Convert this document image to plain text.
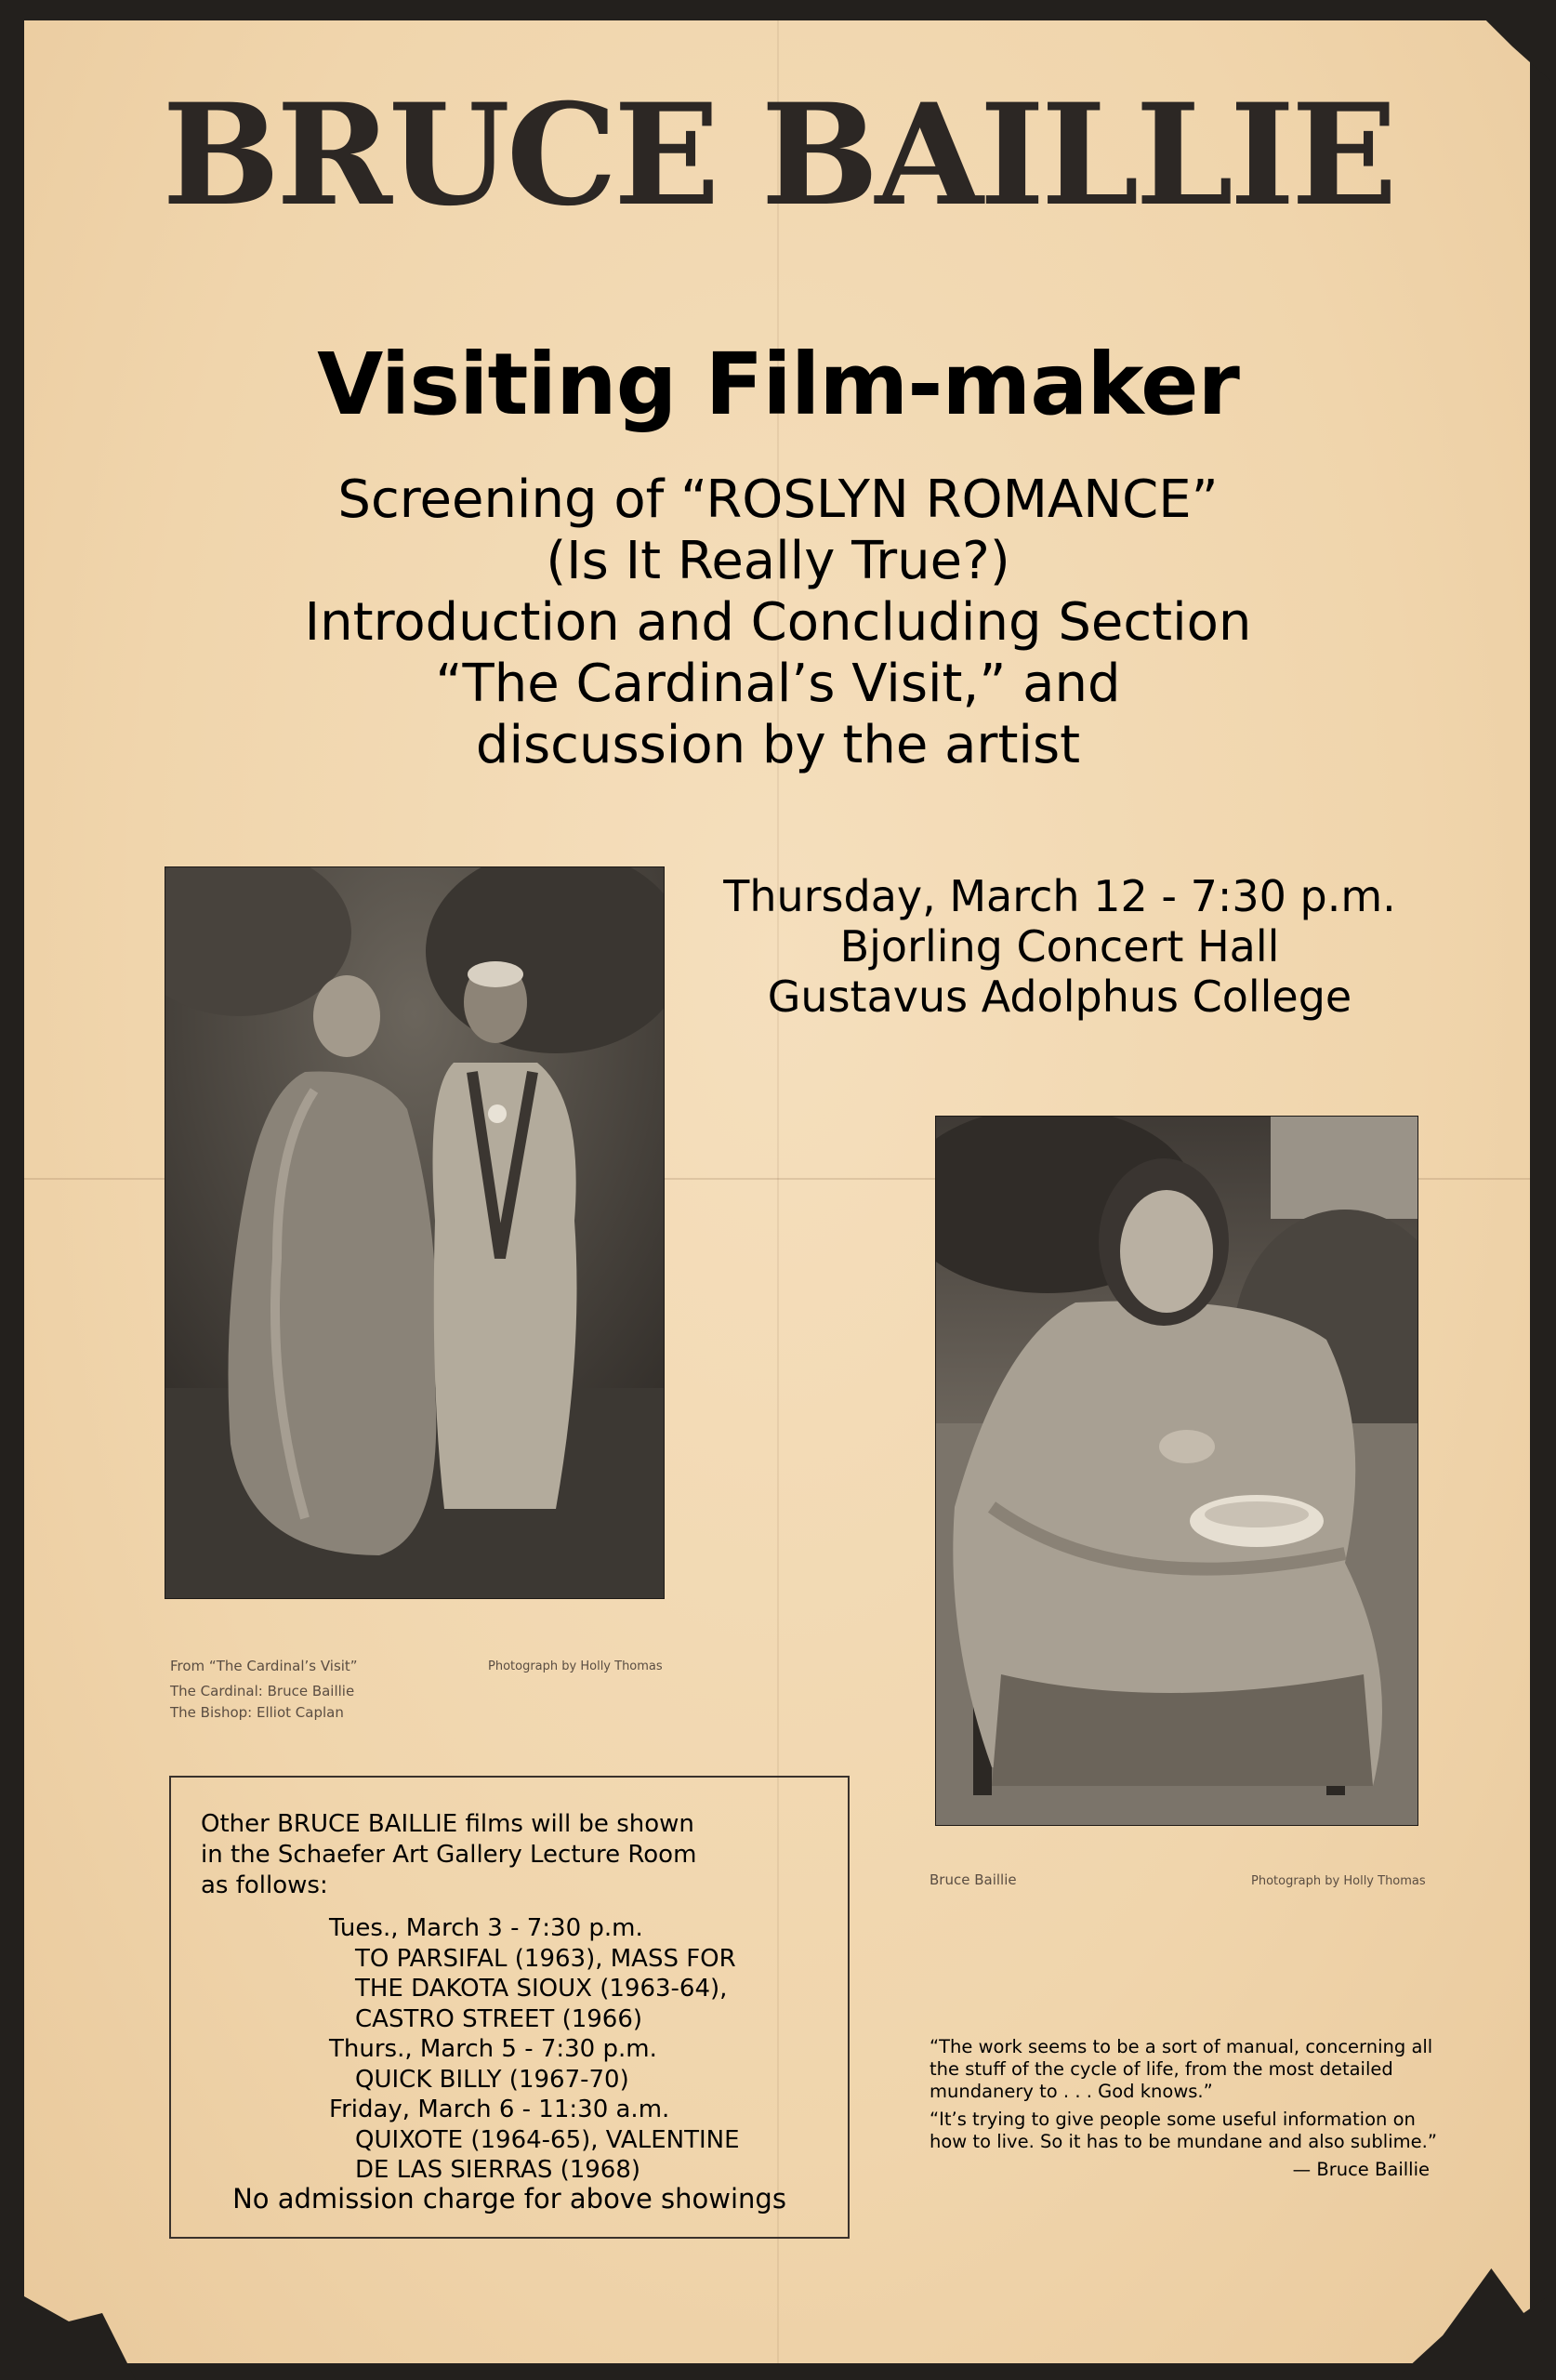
BRUCE BAILLIE
Visiting Film-maker
Screening of “ROSLYN ROMANCE”
(Is It Really True?)
Introduction and Concluding Section
“The Cardinal’s Visit,” and
discussion by the artist
Thursday, March 12 - 7:30 p.m.
Bjorling Concert Hall
Gustavus Adolphus College
From “The Cardinal’s Visit”
The Cardinal: Bruce Baillie
The Bishop: Elliot Caplan
Photograph by Holly Thomas
Bruce Baillie	Photograph by Holly Thomas
Other BRUCE BAILLIE films will be shown in the Schaefer Art Gallery Lecture Room as follows:
Tues., March 3 - 7:30 p.m.
TO PARSIFAL (1963), MASS FOR
THE DAKOTA SIOUX (1963-64),
CASTRO STREET (1966)
Thurs., March 5 - 7:30 p.m.
QUICK BILLY (1967-70)
Friday, March 6 - 11:30 a.m.
QUIXOTE (1964-65), VALENTINE
DE LAS SIERRAS (1968)
No admission charge for above showings

“The work seems to be a sort of manual, concerning all the stuff of the cycle of life, from the most detailed mundanery to . . . God knows.”

“It’s trying to give people some useful information on how to live. So it has to be mundane and also sublime.”

— Bruce Baillie
